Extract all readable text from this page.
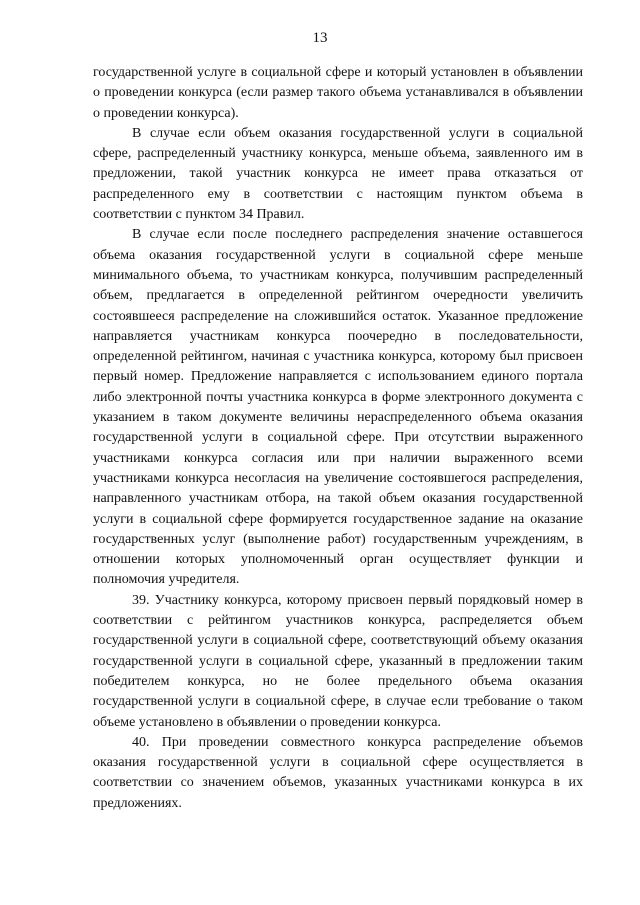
13

государственной услуге в социальной сфере и который установлен в объявлении о проведении конкурса (если размер такого объема устанавливался в объявлении о проведении конкурса).

В случае если объем оказания государственной услуги в социальной сфере, распределенный участнику конкурса, меньше объема, заявленного им в предложении, такой участник конкурса не имеет права отказаться от распределенного ему в соответствии с настоящим пунктом объема в соответствии с пунктом 34 Правил.

В случае если после последнего распределения значение оставшегося объема оказания государственной услуги в социальной сфере меньше минимального объема, то участникам конкурса, получившим распределенный объем, предлагается в определенной рейтингом очередности увеличить состоявшееся распределение на сложившийся остаток. Указанное предложение направляется участникам конкурса поочередно в последовательности, определенной рейтингом, начиная с участника конкурса, которому был присвоен первый номер. Предложение направляется с использованием единого портала либо электронной почты участника конкурса в форме электронного документа с указанием в таком документе величины нераспределенного объема оказания государственной услуги в социальной сфере. При отсутствии выраженного участниками конкурса согласия или при наличии выраженного всеми участниками конкурса несогласия на увеличение состоявшегося распределения, направленного участникам отбора, на такой объем оказания государственной услуги в социальной сфере формируется государственное задание на оказание государственных услуг (выполнение работ) государственным учреждениям, в отношении которых уполномоченный орган осуществляет функции и полномочия учредителя.

39. Участнику конкурса, которому присвоен первый порядковый номер в соответствии с рейтингом участников конкурса, распределяется объем государственной услуги в социальной сфере, соответствующий объему оказания государственной услуги в социальной сфере, указанный в предложении таким победителем конкурса, но не более предельного объема оказания государственной услуги в социальной сфере, в случае если требование о таком объеме установлено в объявлении о проведении конкурса.

40. При проведении совместного конкурса распределение объемов оказания государственной услуги в социальной сфере осуществляется в соответствии со значением объемов, указанных участниками конкурса в их предложениях.
